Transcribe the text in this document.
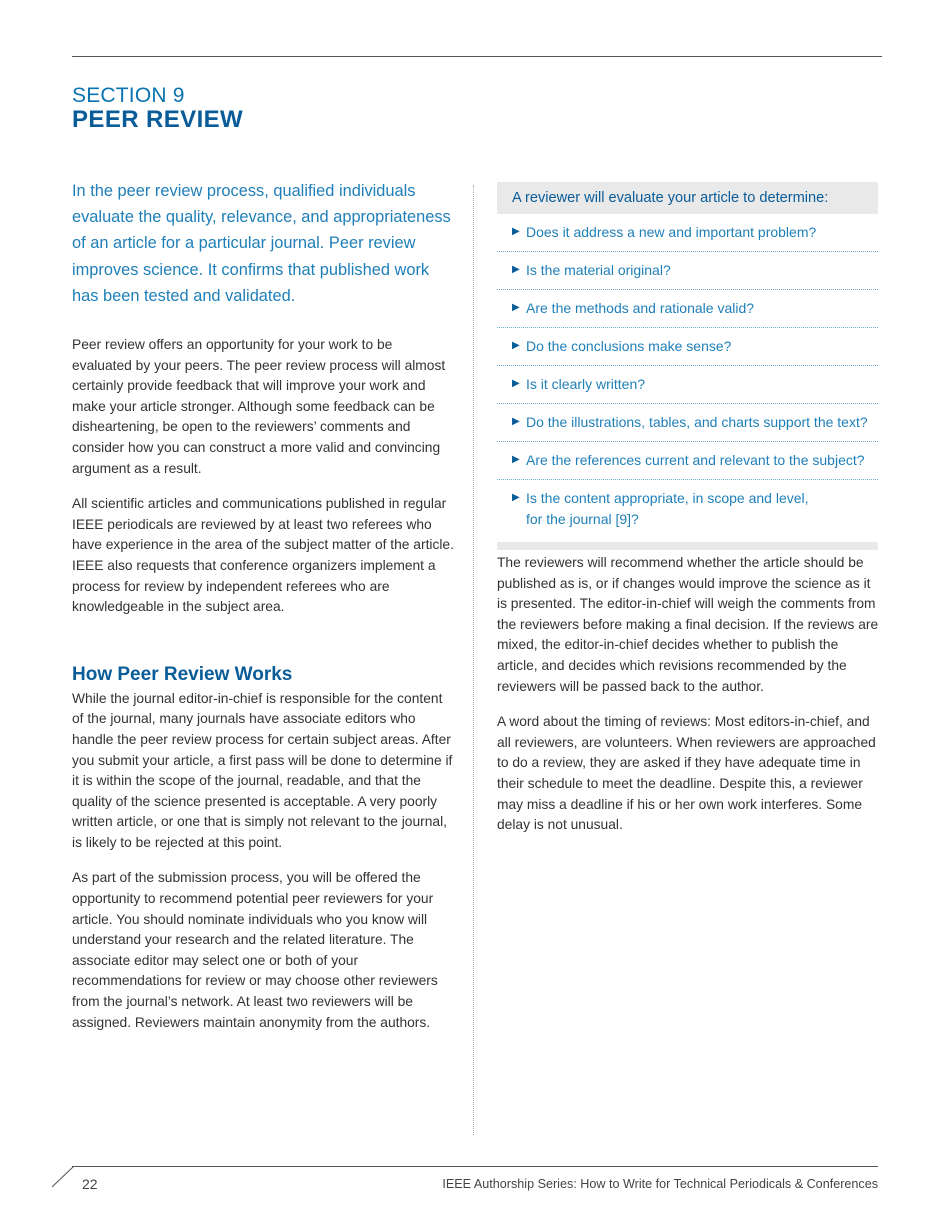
SECTION 9
PEER REVIEW

In the peer review process, qualified individuals evaluate the quality, relevance, and appropriateness of an article for a particular journal. Peer review improves science. It confirms that published work has been tested and validated.

Peer review offers an opportunity for your work to be evaluated by your peers. The peer review process will almost certainly provide feedback that will improve your work and make your article stronger. Although some feedback can be disheartening, be open to the reviewers’ comments and consider how you can construct a more valid and convincing argument as a result.

All scientific articles and communications published in regular IEEE periodicals are reviewed by at least two referees who have experience in the area of the subject matter of the article. IEEE also requests that conference organizers implement a process for review by independent referees who are knowledgeable in the subject area.

How Peer Review Works

While the journal editor-in-chief is responsible for the content of the journal, many journals have associate editors who handle the peer review process for certain subject areas. After you submit your article, a first pass will be done to determine if it is within the scope of the journal, readable, and that the quality of the science presented is acceptable. A very poorly written article, or one that is simply not relevant to the journal, is likely to be rejected at this point.

As part of the submission process, you will be offered the opportunity to recommend potential peer reviewers for your article. You should nominate individuals who you know will understand your research and the related literature. The associate editor may select one or both of your recommendations for review or may choose other reviewers from the journal’s network. At least two reviewers will be assigned. Reviewers maintain anonymity from the authors.

A reviewer will evaluate your article to determine:
▶ Does it address a new and important problem?
▶ Is the material original?
▶ Are the methods and rationale valid?
▶ Do the conclusions make sense?
▶ Is it clearly written?
▶ Do the illustrations, tables, and charts support the text?
▶ Are the references current and relevant to the subject?
▶ Is the content appropriate, in scope and level,
for the journal [9]?

The reviewers will recommend whether the article should be published as is, or if changes would improve the science as it is presented. The editor-in-chief will weigh the comments from the reviewers before making a final decision. If the reviews are mixed, the editor-in-chief decides whether to publish the article, and decides which revisions recommended by the reviewers will be passed back to the author.

A word about the timing of reviews: Most editors-in-chief, and all reviewers, are volunteers. When reviewers are approached to do a review, they are asked if they have adequate time in their schedule to meet the deadline. Despite this, a reviewer may miss a deadline if his or her own work interferes. Some delay is not unusual.

22	IEEE Authorship Series: How to Write for Technical Periodicals & Conferences
